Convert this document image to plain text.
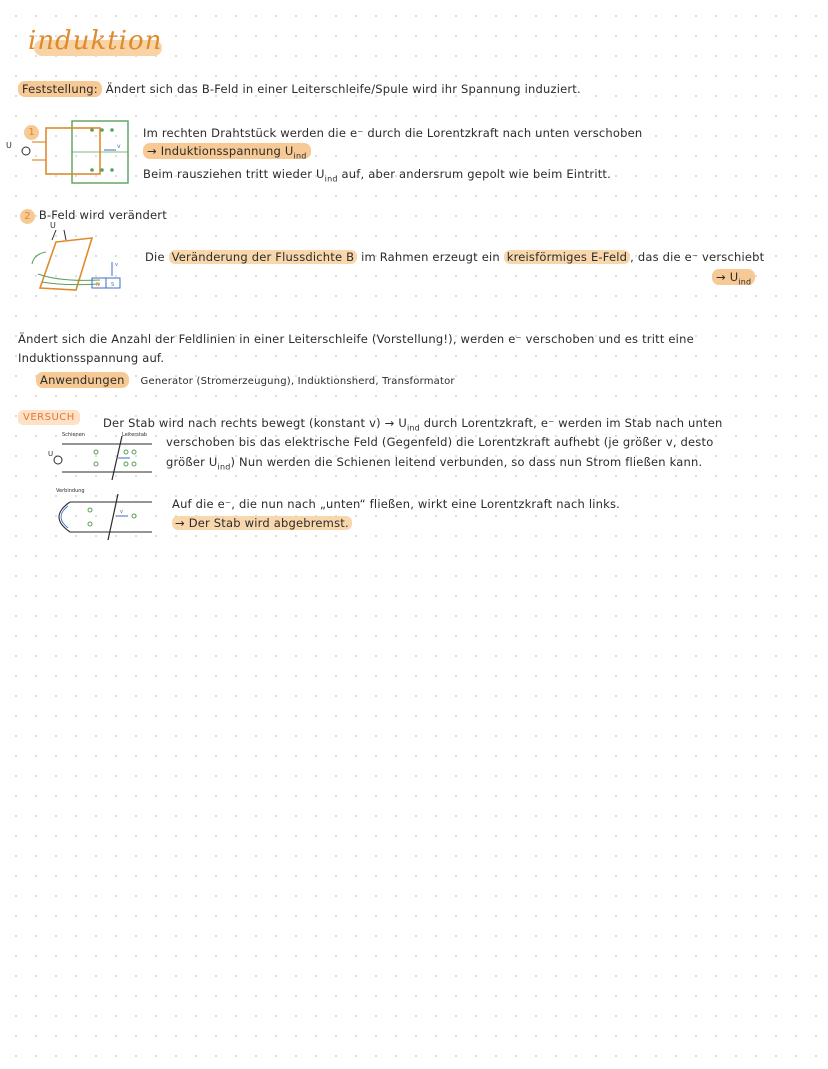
induktion
Feststellung: Ändert sich das B-Feld in einer Leiterschleife/Spule wird ihr Spannung induziert.
1
U	v
Im rechten Drahtstück werden die e⁻ durch die Lorentzkraft nach unten verschoben
→ Induktionsspannung $U_{ind}$
Beim rausziehen tritt wieder $U_{ind}$ auf, aber andersrum gepolt wie beim Eintritt.
2 B-Feld wird verändert
U
N S
v
Die Veränderung der Flussdichte B im Rahmen erzeugt ein kreisförmiges E-Feld , das die e⁻ verschiebt
→ $U_{ind}$
Ändert sich die Anzahl der Feldlinien in einer Leiterschleife (Vorstellung!), werden e⁻ verschoben und es tritt eine
Induktionsspannung auf.
Anwendungen Generator (Stromerzeugung), Induktionsherd, Transformator
VERSUCH	Der Stab wird nach rechts bewegt (konstant $v) \to U_{ind}$ durch Lorentzkraft, e⁻ werden im Stab nach unten
verschoben bis das elektrische Feld (Gegenfeld) die Lorentzkraft aufhebt (je größer v, desto
größer $U_{ind}$) Nun werden die Schienen leitend verbunden, so dass nun Strom fließen kann.
Auf die e⁻, die nun nach „unten“ fließen, wirkt eine Lorentzkraft nach links.
→ Der Stab wird abgebremst.
Schienen	Leiterstab
U
Verbindung
v
